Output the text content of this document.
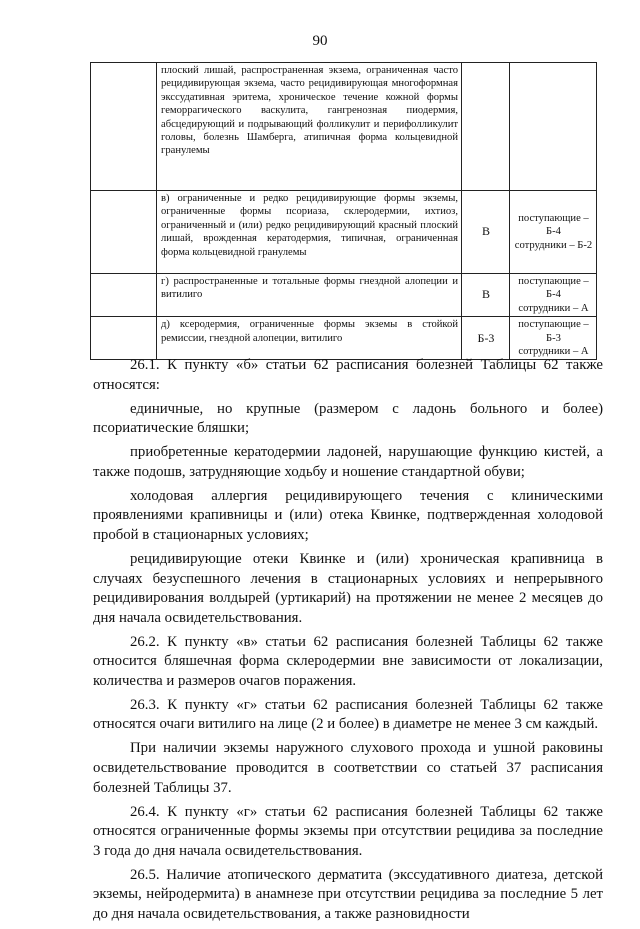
90
	плоский лишай, распространенная экзема, ограниченная часто рецидивирующая экзема, часто рецидивирующая многоформная экссудативная эритема, хроническое течение кожной формы геморрагического васкулита, гангренозная пиодермия, абсцедирующий и подрывающий фолликулит и перифолликулит головы, болезнь Шамберга, атипичная форма кольцевидной гранулемы		

	в) ограниченные и редко рецидивирующие формы экземы, ограниченные формы псориаза, склеродермии, ихтиоз, ограниченный и (или) редко рецидивирующий красный плоский лишай, врожденная кератодермия, типичная, ограниченная форма кольцевидной гранулемы	В	поступающие – Б-4
сотрудники – Б-2

	г) распространенные и тотальные формы гнездной алопеции и витилиго	В	поступающие – Б-4
сотрудники – А

	д) ксеродермия, ограниченные формы экземы в стойкой ремиссии, гнездной алопеции, витилиго	Б-3	поступающие – Б-3
сотрудники – А

26.1. К пункту «б» статьи 62 расписания болезней Таблицы 62 также относятся:

единичные, но крупные (размером с ладонь больного и более) псориатические бляшки;

приобретенные кератодермии ладоней, нарушающие функцию кистей, а также подошв, затрудняющие ходьбу и ношение стандартной обуви;

холодовая аллергия рецидивирующего течения с клиническими проявлениями крапивницы и (или) отека Квинке, подтвержденная холодовой пробой в стационарных условиях;

рецидивирующие отеки Квинке и (или) хроническая крапивница в случаях безуспешного лечения в стационарных условиях и непрерывного рецидивирования волдырей (уртикарий) на протяжении не менее 2 месяцев до дня начала освидетельствования.

26.2. К пункту «в» статьи 62 расписания болезней Таблицы 62 также относится бляшечная форма склеродермии вне зависимости от локализации, количества и размеров очагов поражения.

26.3. К пункту «г» статьи 62 расписания болезней Таблицы 62 также относятся очаги витилиго на лице (2 и более) в диаметре не менее 3 см каждый.

При наличии экземы наружного слухового прохода и ушной раковины освидетельствование проводится в соответствии со статьей 37 расписания болезней Таблицы 37.

26.4. К пункту «г» статьи 62 расписания болезней Таблицы 62 также относятся ограниченные формы экземы при отсутствии рецидива за последние 3 года до дня начала освидетельствования.

26.5. Наличие атопического дерматита (экссудативного диатеза, детской экземы, нейродермита) в анамнезе при отсутствии рецидива за последние 5 лет до дня начала освидетельствования, а также разновидности
